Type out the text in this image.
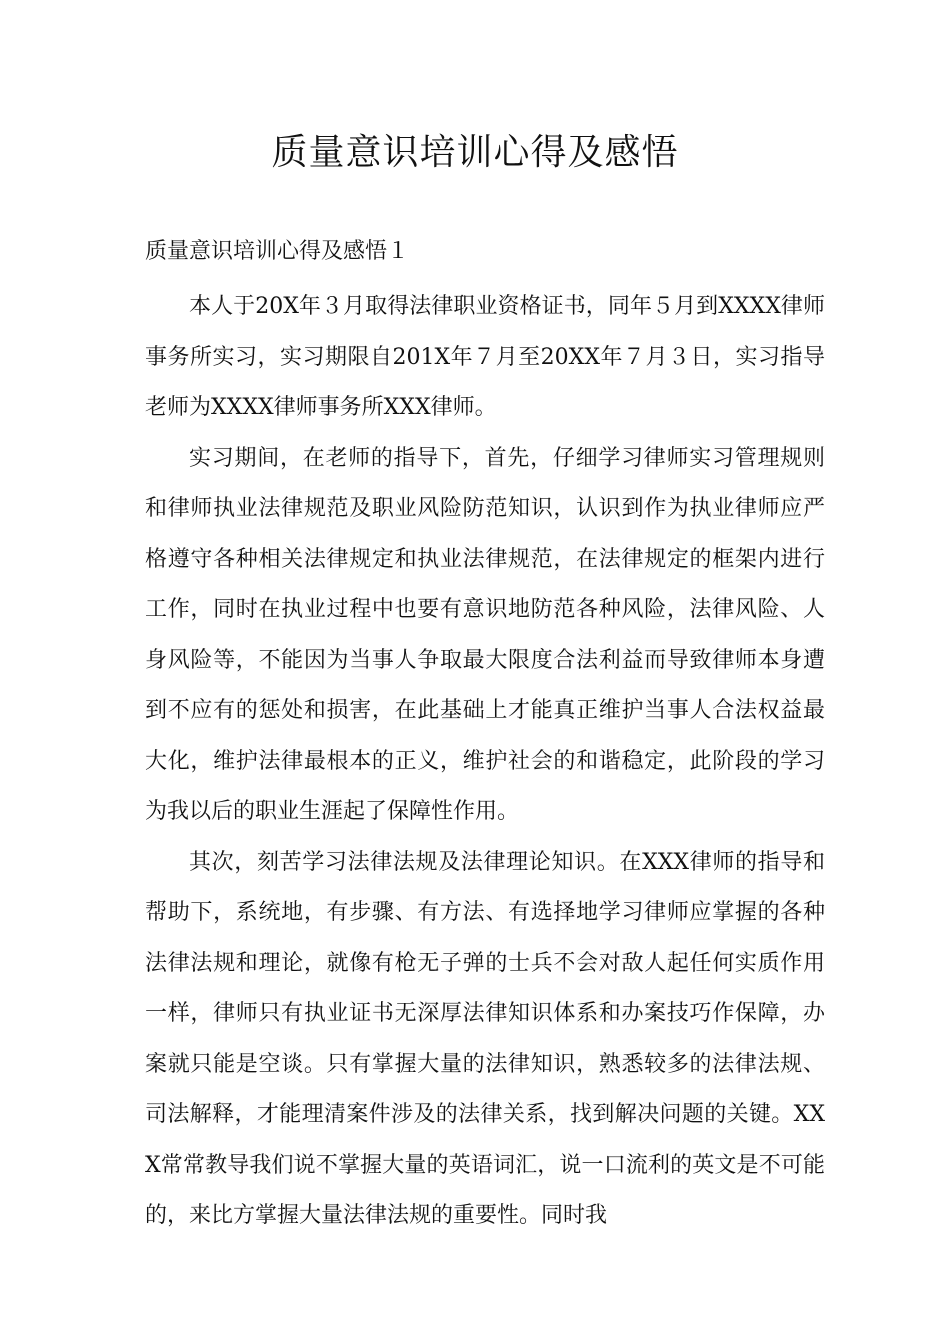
质量意识培训心得及感悟
质量意识培训心得及感悟１

本人于20X年３月取得法律职业资格证书，同年５月到XXXX律师事务所实习，实习期限自201X年７月至20XX年７月３日，实习指导老师为XXXX律师事务所XXX律师。

实习期间，在老师的指导下，首先，仔细学习律师实习管理规则和律师执业法律规范及职业风险防范知识，认识到作为执业律师应严格遵守各种相关法律规定和执业法律规范，在法律规定的框架内进行工作，同时在执业过程中也要有意识地防范各种风险，法律风险、人身风险等，不能因为当事人争取最大限度合法利益而导致律师本身遭到不应有的惩处和损害，在此基础上才能真正维护当事人合法权益最大化，维护法律最根本的正义，维护社会的和谐稳定，此阶段的学习为我以后的职业生涯起了保障性作用。

其次，刻苦学习法律法规及法律理论知识。在XXX律师的指导和帮助下，系统地，有步骤、有方法、有选择地学习律师应掌握的各种法律法规和理论，就像有枪无子弹的士兵不会对敌人起任何实质作用一样，律师只有执业证书无深厚法律知识体系和办案技巧作保障，办案就只能是空谈。只有掌握大量的法律知识，熟悉较多的法律法规、司法解释，才能理清案件涉及的法律关系，找到解决问题的关键。XXX常常教导我们说不掌握大量的英语词汇，说一口流利的英文是不可能的，来比方掌握大量法律法规的重要性。同时我
